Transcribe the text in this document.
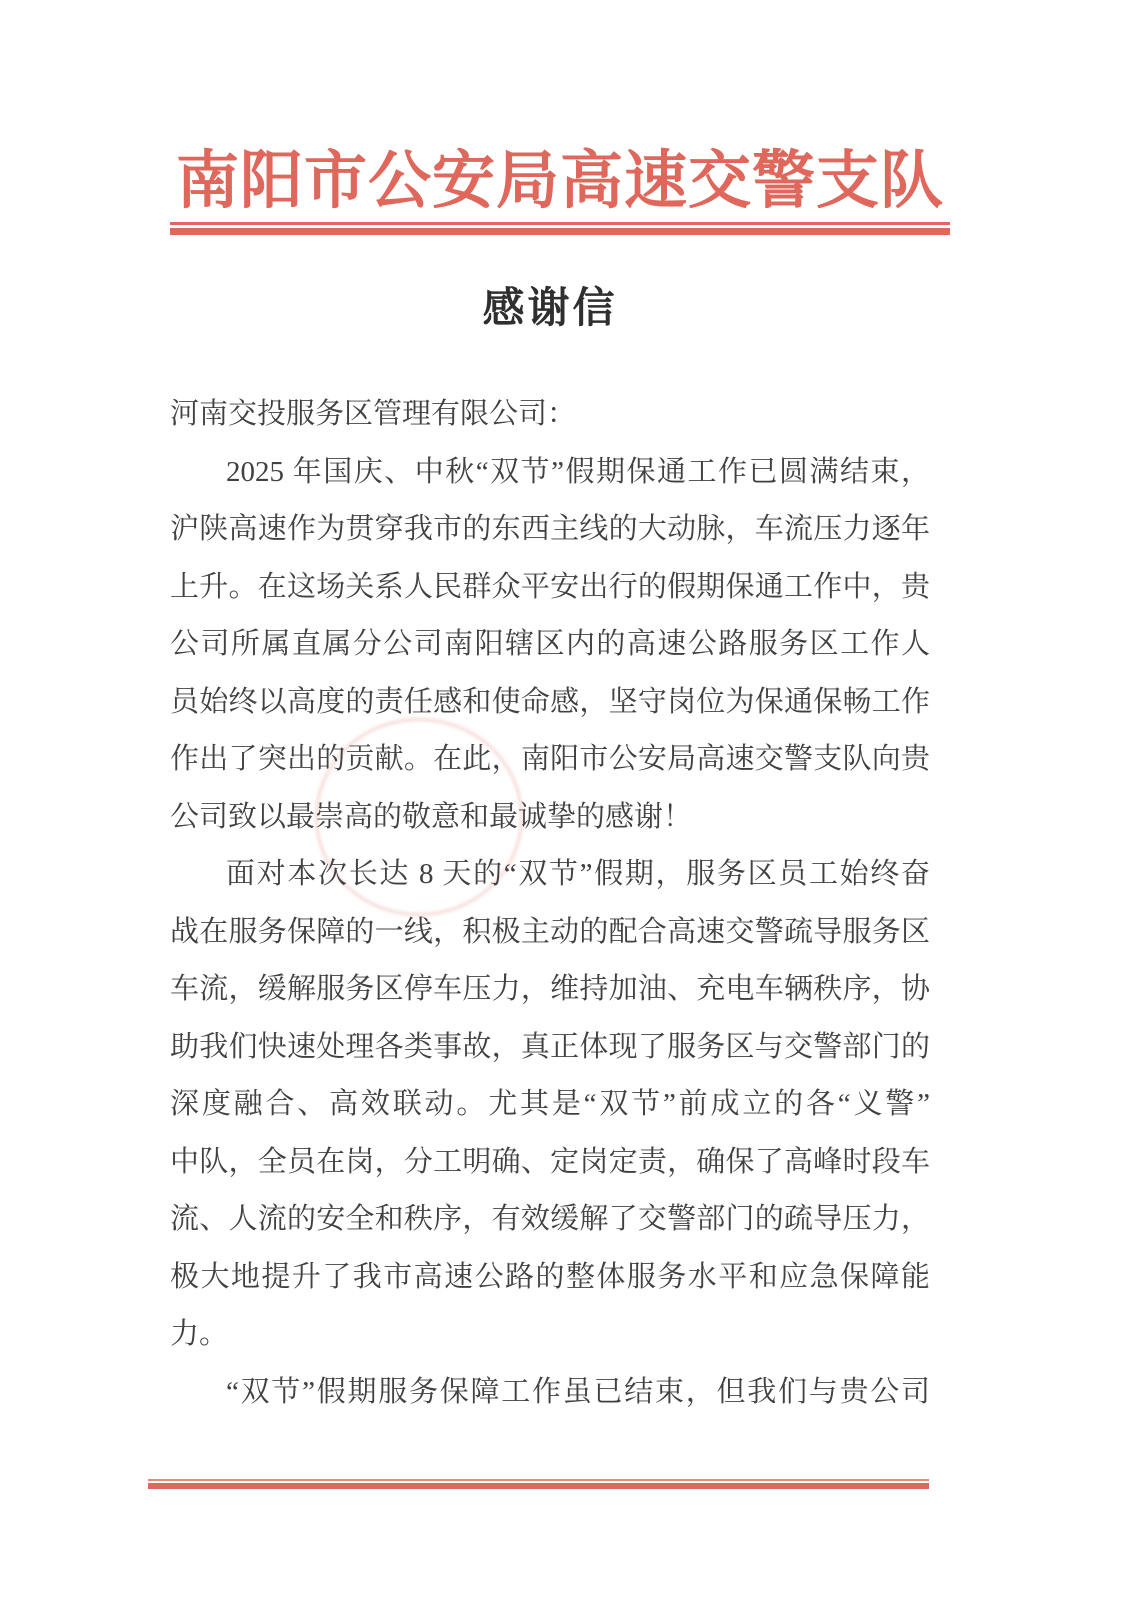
南阳市公安局高速交警支队
感谢信
河南交投服务区管理有限公司：
2025 年国庆、中秋“双节”假期保通工作已圆满结束，
沪陕高速作为贯穿我市的东西主线的大动脉，车流压力逐年
上升。在这场关系人民群众平安出行的假期保通工作中，贵
公司所属直属分公司南阳辖区内的高速公路服务区工作人
员始终以高度的责任感和使命感，坚守岗位为保通保畅工作
作出了突出的贡献。在此，南阳市公安局高速交警支队向贵
公司致以最崇高的敬意和最诚挚的感谢！
面对本次长达 8 天的“双节”假期，服务区员工始终奋
战在服务保障的一线，积极主动的配合高速交警疏导服务区
车流，缓解服务区停车压力，维持加油、充电车辆秩序，协
助我们快速处理各类事故，真正体现了服务区与交警部门的
深度融合、高效联动。尤其是“双节”前成立的各“义警”
中队，全员在岗，分工明确、定岗定责，确保了高峰时段车
流、人流的安全和秩序，有效缓解了交警部门的疏导压力，
极大地提升了我市高速公路的整体服务水平和应急保障能
力。
“双节”假期服务保障工作虽已结束，但我们与贵公司
